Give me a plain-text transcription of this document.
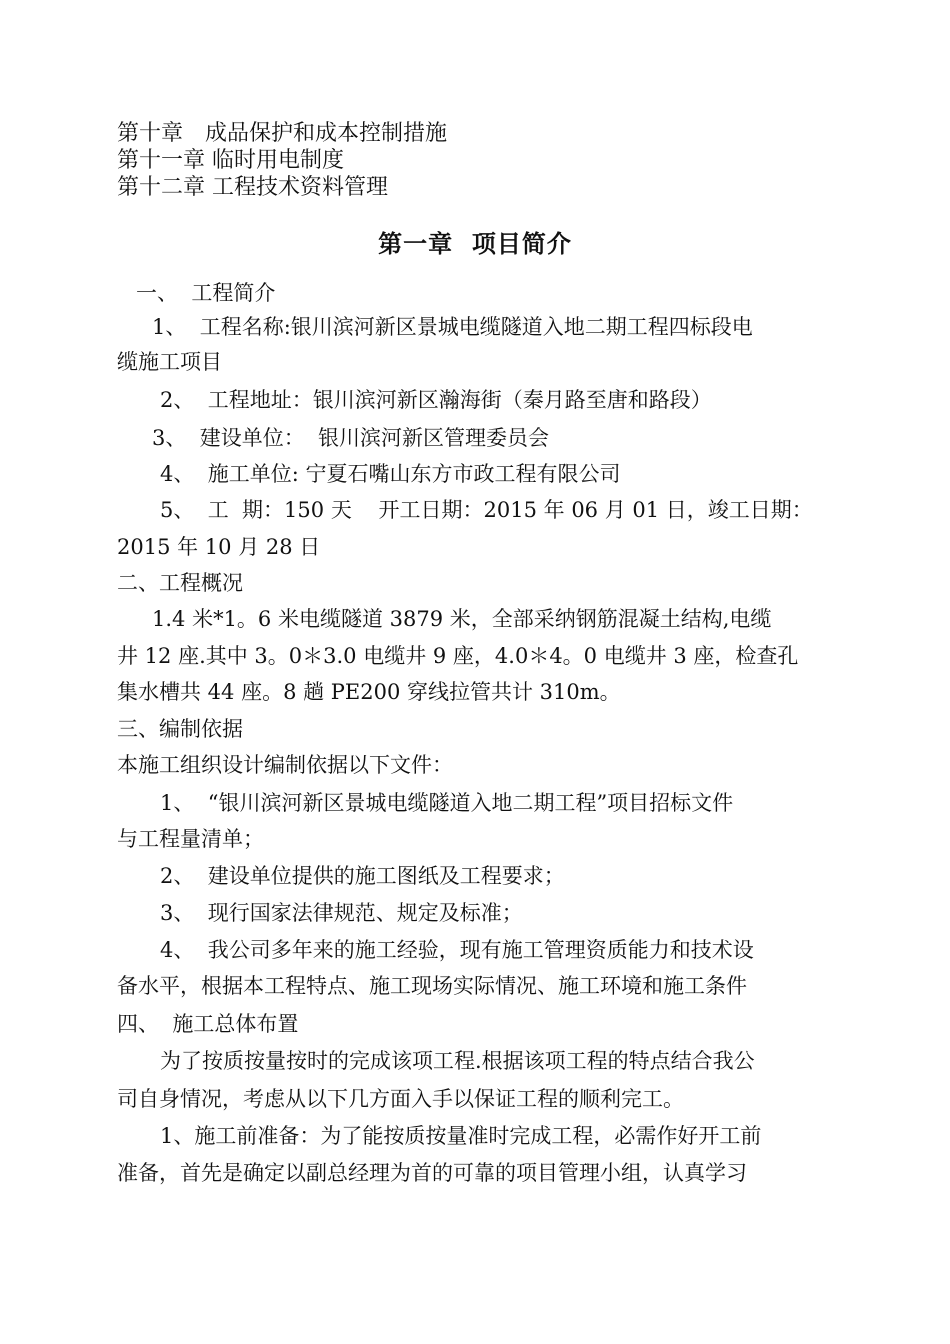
第十章　成品保护和成本控制措施
第十一章 临时用电制度
第十二章 工程技术资料管理
第一章  项目简介
一、  工程简介
1、  工程名称:银川滨河新区景城电缆隧道入地二期工程四标段电
缆施工项目
2、  工程地址：银川滨河新区瀚海街（秦月路至唐和路段）
3、  建设单位：  银川滨河新区管理委员会
4、  施工单位: 宁夏石嘴山东方市政工程有限公司
5、  工  期：150 天    开工日期：2015 年 06 月 01 日，竣工日期：
2015 年 10 月 28 日
二、工程概况
1.4 米*1。6 米电缆隧道 3879 米，全部采纳钢筋混凝土结构,电缆
井 12 座.其中 3。0＊3.0 电缆井 9 座，4.0＊4。0 电缆井 3 座，检查孔
集水槽共 44 座。8 趟 PE200 穿线拉管共计 310m。
三、编制依据
本施工组织设计编制依据以下文件：
1、  “银川滨河新区景城电缆隧道入地二期工程”项目招标文件
与工程量清单；
2、  建设单位提供的施工图纸及工程要求；
3、  现行国家法律规范、规定及标准；
4、  我公司多年来的施工经验，现有施工管理资质能力和技术设
备水平，根据本工程特点、施工现场实际情况、施工环境和施工条件
四、  施工总体布置
为了按质按量按时的完成该项工程.根据该项工程的特点结合我公
司自身情况，考虑从以下几方面入手以保证工程的顺利完工。
1、施工前准备：为了能按质按量准时完成工程，必需作好开工前
准备，首先是确定以副总经理为首的可靠的项目管理小组，认真学习
